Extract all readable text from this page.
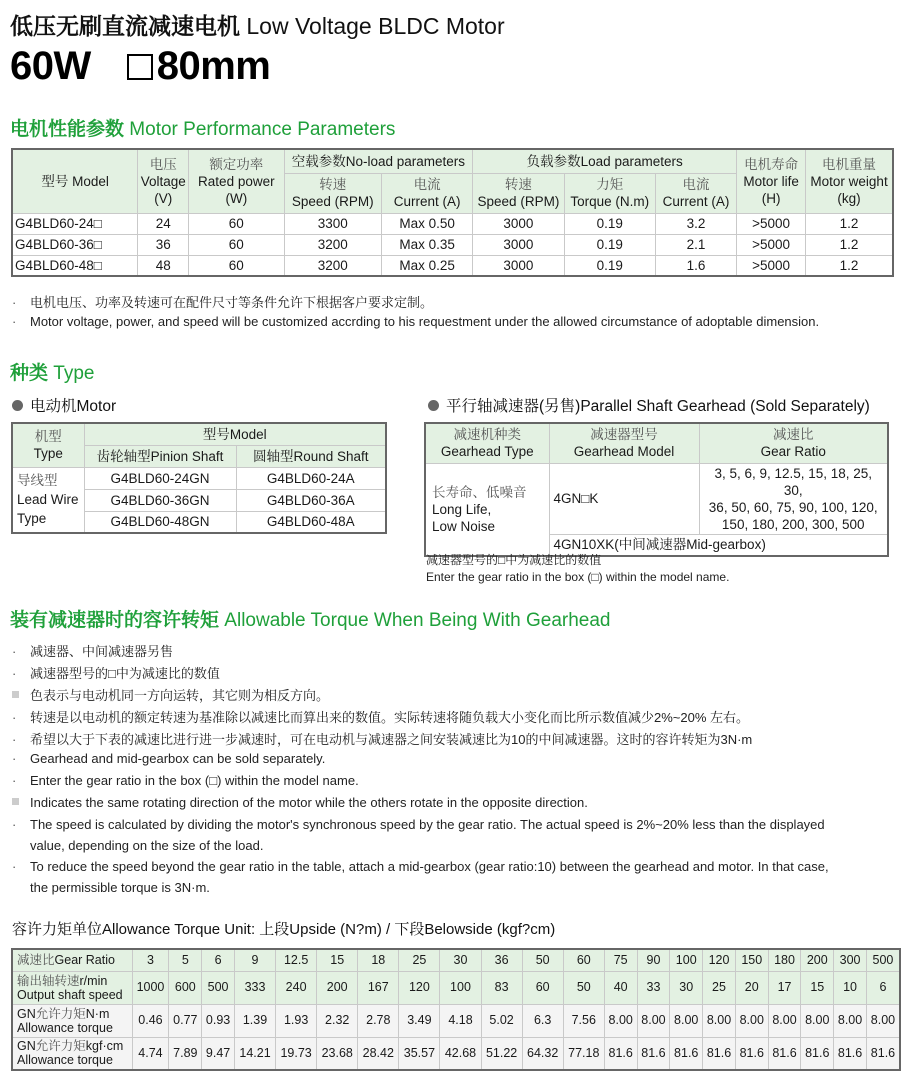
低压无刷直流减速电机 Low Voltage BLDC Motor
60W 80mm
电机性能参数 Motor Performance Parameters
型号 Model	电压
Voltage
(V)	额定功率
Rated power
(W)	空载参数No-load parameters		负载参数Load parameters			电机寿命
Motor life
(H)	电机重量
Motor weight
(kg)
			转速
Speed (RPM)	电流
Current (A)	转速
Speed (RPM)	力矩
Torque (N.m)	电流
Current (A)		
G4BLD60-24□	24	60	3300	Max 0.50	3000	0.19	3.2	>5000	1.2
G4BLD60-36□	36	60	3200	Max 0.35	3000	0.19	2.1	>5000	1.2
G4BLD60-48□	48	60	3200	Max 0.25	3000	0.19	1.6	>5000	1.2
· 电机电压、功率及转速可在配件尺寸等条件允许下根据客户要求定制。
· Motor voltage, power, and speed will be customized accrding to his requestment under the allowed circumstance of adoptable dimension.
种类 Type
电动机Motor	平行轴减速器(另售)Parallel Shaft Gearhead (Sold Separately)
机型
Type	型号Model	
	齿轮轴型Pinion Shaft	圆轴型Round Shaft
导线型
Lead Wire
Type	G4BLD60-24GN	G4BLD60-24A
	G4BLD60-36GN	G4BLD60-36A
	G4BLD60-48GN	G4BLD60-48A
减速机种类
Gearhead Type	减速器型号
Gearhead Model	减速比
Gear Ratio
长寿命、低噪音
Long Life,
Low Noise	4GN□K	3, 5, 6, 9, 12.5, 15, 18, 25, 30,
36, 50, 60, 75, 90, 100, 120,
150, 180, 200, 300, 500
	4GN10XK(中间减速器Mid-gearbox)	
减速器型号的□中为减速比的数值
Enter the gear ratio in the box (□) within the model name.
装有减速器时的容许转矩 Allowable Torque When Being With Gearhead
· 减速器、中间减速器另售
· 减速器型号的□中为减速比的数值
色表示与电动机同一方向运转，其它则为相反方向。
· 转速是以电动机的额定转速为基准除以减速比而算出来的数值。实际转速将随负载大小变化而比所示数值减少2%~20% 左右。
· 希望以大于下表的减速比进行进一步减速时，可在电动机与减速器之间安装减速比为10的中间减速器。这时的容许转矩为3N·m
· Gearhead and mid-gearbox can be sold separately.
· Enter the gear ratio in the box (□) within the model name.
Indicates the same rotating direction of the motor while the others rotate in the opposite direction.
· The speed is calculated by dividing the motor's synchronous speed by the gear ratio. The actual speed is 2%~20% less than the displayed
value, depending on the size of the load.
· To reduce the speed beyond the gear ratio in the table, attach a mid-gearbox (gear ratio:10) between the gearhead and motor. In that case,
the permissible torque is 3N·m.
容许力矩单位Allowance Torque Unit: 上段Upside (N?m) / 下段Belowside (kgf?cm)
减速比Gear Ratio	3	5	6	9	12.5	15	18	25	30	36	50	60	75	90	100	120	150	180	200	300	500
输出轴转速r/min
Output shaft speed	1000	600	500	333	240	200	167	120	100	83	60	50	40	33	30	25	20	17	15	10	6
GN允许力矩N·m
Allowance torque	0.46	0.77	0.93	1.39	1.93	2.32	2.78	3.49	4.18	5.02	6.3	7.56	8.00	8.00	8.00	8.00	8.00	8.00	8.00	8.00	8.00
GN允许力矩kgf·cm
Allowance torque	4.74	7.89	9.47	14.21	19.73	23.68	28.42	35.57	42.68	51.22	64.32	77.18	81.6	81.6	81.6	81.6	81.6	81.6	81.6	81.6	81.6
